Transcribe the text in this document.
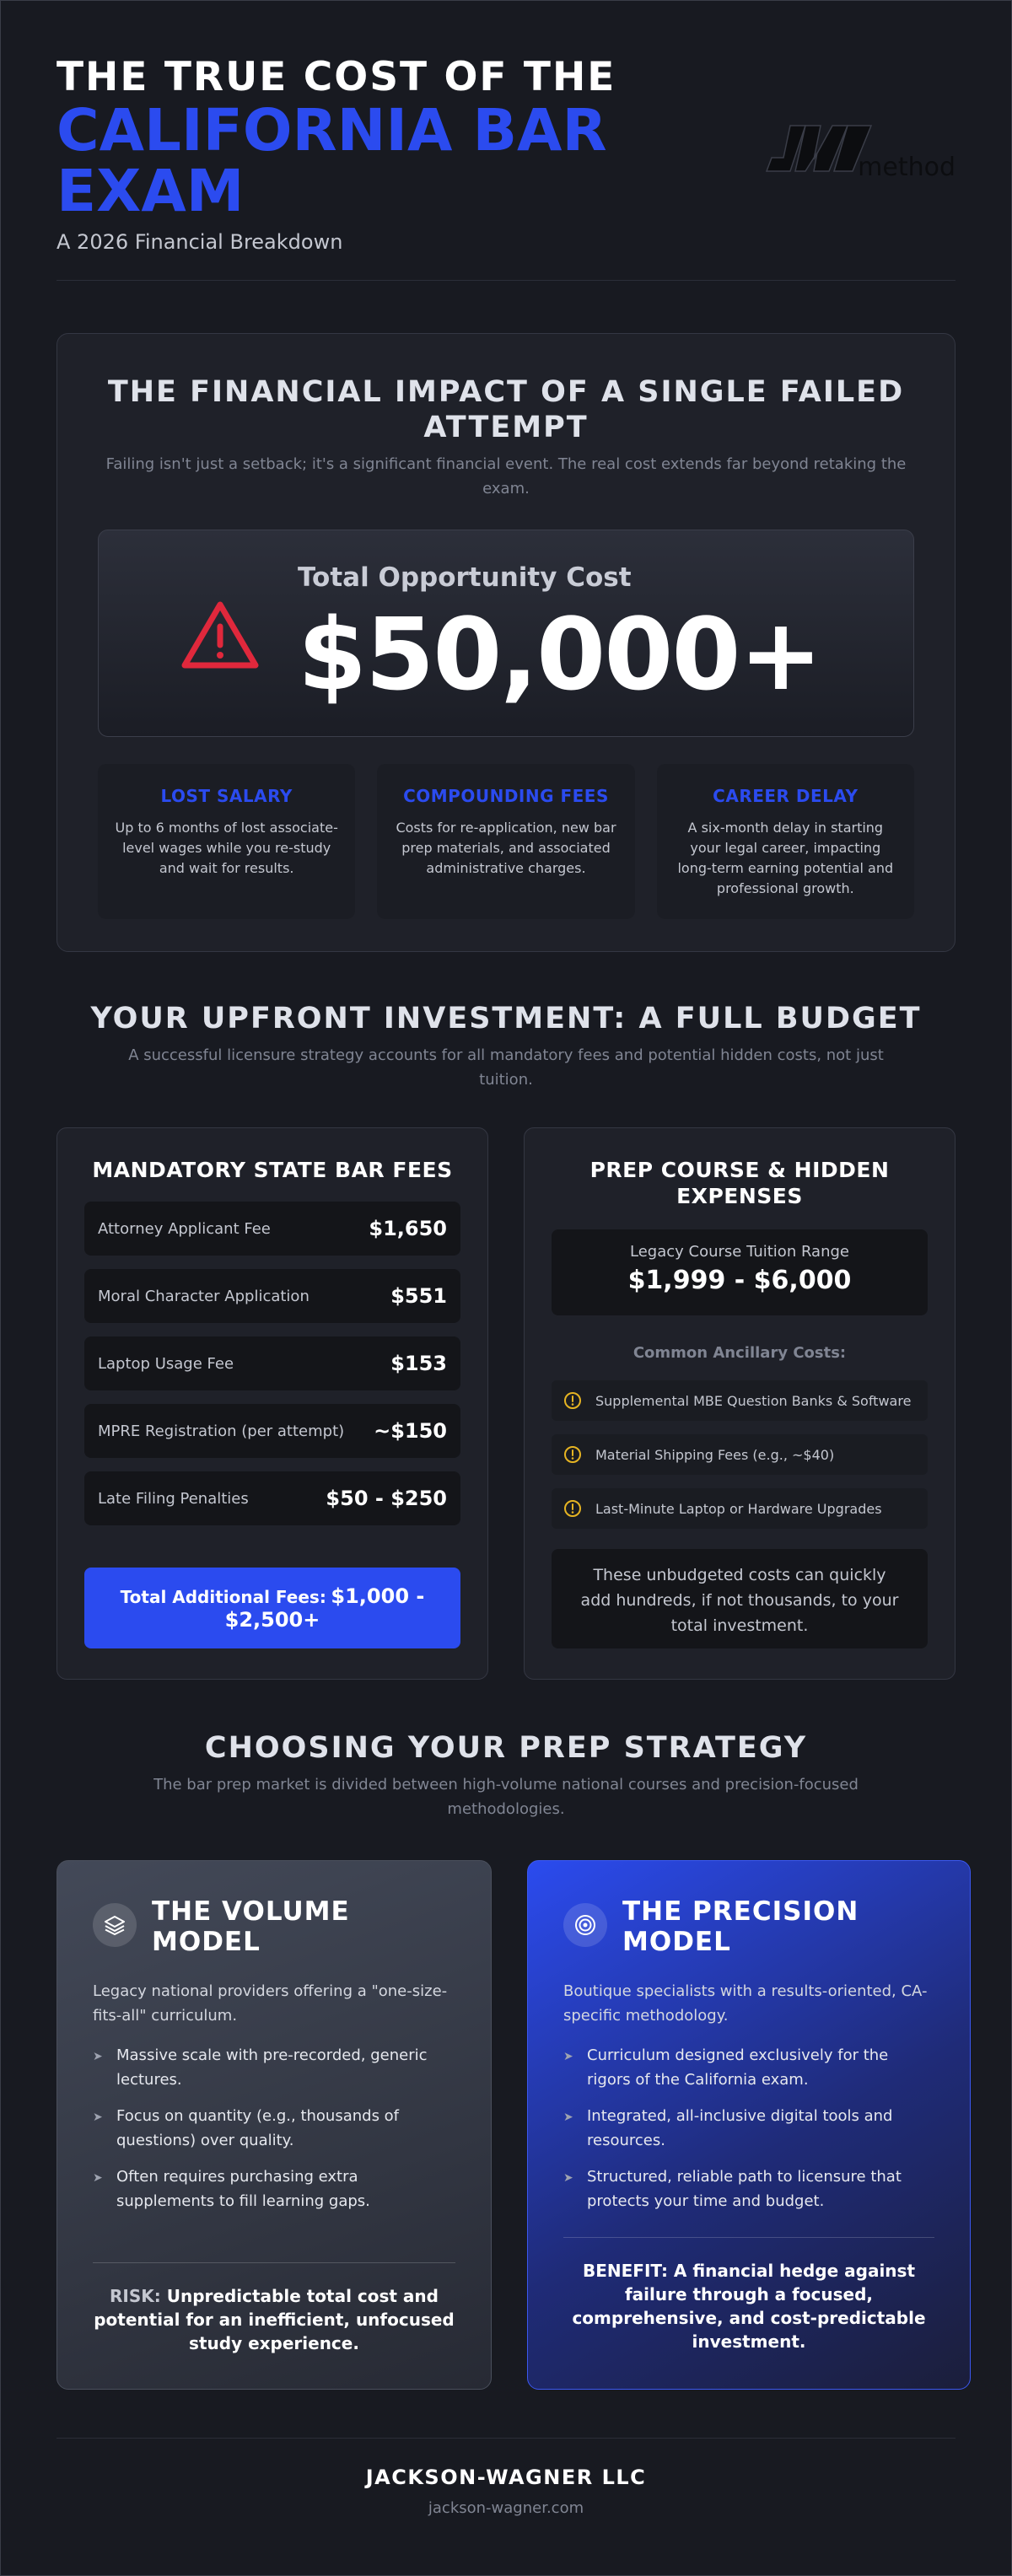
THE TRUE COST OF THE
CALIFORNIA BAR EXAM
A 2026 Financial Breakdown
method
THE FINANCIAL IMPACT OF A SINGLE FAILED ATTEMPT
Failing isn't just a setback; it's a significant financial event. The real cost extends far beyond retaking the exam.
Total Opportunity Cost
$50,000+
LOST SALARY
Up to 6 months of lost associate-level wages while you re-study and wait for results.
COMPOUNDING FEES
Costs for re-application, new bar prep materials, and associated administrative charges.
CAREER DELAY
A six-month delay in starting your legal career, impacting long-term earning potential and professional growth.
YOUR UPFRONT INVESTMENT: A FULL BUDGET
A successful licensure strategy accounts for all mandatory fees and potential hidden costs, not just tuition.
MANDATORY STATE BAR FEES
Attorney Applicant Fee	$1,650
Moral Character Application	$551
Laptop Usage Fee	$153
MPRE Registration (per attempt) ~$150
Late Filing Penalties	$50 - $250
Total Additional Fees: $1,000 - $2,500+
PREP COURSE & HIDDEN EXPENSES
Legacy Course Tuition Range
$1,999 - $6,000
Common Ancillary Costs:
Supplemental MBE Question Banks & Software
Material Shipping Fees (e.g., ~$40)
Last-Minute Laptop or Hardware Upgrades
These unbudgeted costs can quickly add hundreds, if not thousands, to your total investment.
CHOOSING YOUR PREP STRATEGY
The bar prep market is divided between high-volume national courses and precision-focused methodologies.
THE VOLUME MODEL
Legacy national providers offering a "one-size-fits-all" curriculum.
➤ Massive scale with pre-recorded, generic lectures.
➤ Focus on quantity (e.g., thousands of questions) over quality.
➤ Often requires purchasing extra supplements to fill learning gaps.
RISK: Unpredictable total cost and potential for an inefficient, unfocused study experience.
THE PRECISION MODEL
Boutique specialists with a results-oriented, CA-specific methodology.
➤ Curriculum designed exclusively for the rigors of the California exam.
➤ Integrated, all-inclusive digital tools and resources.
➤ Structured, reliable path to licensure that protects your time and budget.
BENEFIT: A financial hedge against failure through a focused, comprehensive, and cost-predictable investment.
JACKSON-WAGNER LLC
jackson-wagner.com
